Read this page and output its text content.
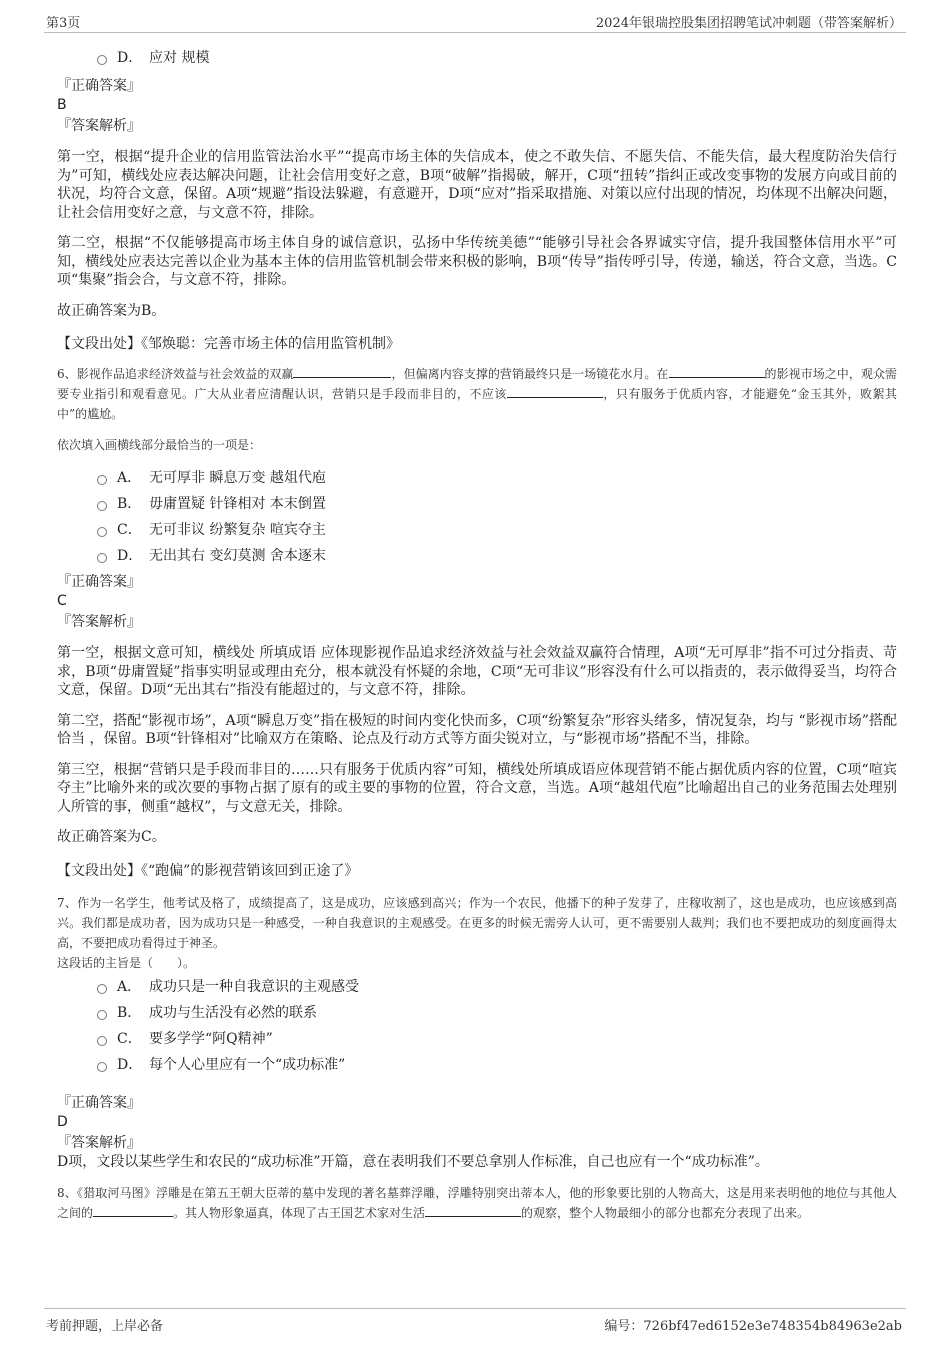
第3页	2024年银瑞控股集团招聘笔试冲刺题（带答案解析）
D． 应对 规模
『正确答案』
B
『答案解析』

第一空，根据“提升企业的信用监管法治水平”“提高市场主体的失信成本，使之不敢失信、不愿失信、不能失信，最大程度防治失信行为”可知，横线处应表达解决问题，让社会信用变好之意，B项“破解”指揭破，解开，C项“扭转”指纠正或改变事物的发展方向或目前的状况，均符合文意，保留。A项“规避”指设法躲避，有意避开，D项“应对”指采取措施、对策以应付出现的情况，均体现不出解决问题，让社会信用变好之意，与文意不符，排除。

第二空，根据“不仅能够提高市场主体自身的诚信意识，弘扬中华传统美德”“能够引导社会各界诚实守信，提升我国整体信用水平”可知，横线处应表达完善以企业为基本主体的信用监管机制会带来积极的影响，B项“传导”指传呼引导，传递，输送，符合文意，当选。C项“集聚”指会合，与文意不符，排除。

故正确答案为B。

【文段出处】《邹焕聪：完善市场主体的信用监管机制》

6、影视作品追求经济效益与社会效益的双赢	，但偏离内容支撑的营销最终只是一场镜花水月。在	的影视市场之中，观众需要专业指引和观看意见。广大从业者应清醒认识，营销只是手段而非目的，不应该	，只有服务于优质内容，才能避免“金玉其外，败絮其中”的尴尬。

依次填入画横线部分最恰当的一项是：
A． 无可厚非 瞬息万变 越俎代庖
B． 毋庸置疑 针锋相对 本末倒置
C． 无可非议 纷繁复杂 喧宾夺主
D． 无出其右 变幻莫测 舍本逐末
『正确答案』
C
『答案解析』

第一空，根据文意可知，横线处 所填成语 应体现影视作品追求经济效益与社会效益双赢符合情理，A项“无可厚非”指不可过分指责、苛求，B项“毋庸置疑”指事实明显或理由充分，根本就没有怀疑的余地，C项“无可非议”形容没有什么可以指责的，表示做得妥当，均符合文意，保留。D项“无出其右”指没有能超过的，与文意不符，排除。

第二空，搭配“影视市场”，A项“瞬息万变”指在极短的时间内变化快而多，C项“纷繁复杂”形容头绪多，情况复杂，均与 “影视市场”搭配恰当 ，保留。B项“针锋相对”比喻双方在策略、论点及行动方式等方面尖锐对立，与“影视市场”搭配不当，排除。

第三空，根据“营销只是手段而非目的……只有服务于优质内容”可知，横线处所填成语应体现营销不能占据优质内容的位置，C项“喧宾夺主”比喻外来的或次要的事物占据了原有的或主要的事物的位置，符合文意，当选。A项“越俎代庖”比喻超出自己的业务范围去处理别人所管的事，侧重“越权”，与文意无关，排除。

故正确答案为C。

【文段出处】《“跑偏”的影视营销该回到正途了》

7、作为一名学生，他考试及格了，成绩提高了，这是成功，应该感到高兴；作为一个农民，他播下的种子发芽了，庄稼收割了，这也是成功，也应该感到高兴。我们都是成功者，因为成功只是一种感受，一种自我意识的主观感受。在更多的时候无需旁人认可，更不需要别人裁判；我们也不要把成功的刻度画得太高，不要把成功看得过于神圣。

这段话的主旨是（　　）。

A． 成功只是一种自我意识的主观感受
B． 成功与生活没有必然的联系
C． 要多学学“阿Q精神”
D． 每个人心里应有一个“成功标准”
『正确答案』
D
『答案解析』

D项，文段以某些学生和农民的“成功标准”开篇，意在表明我们不要总拿别人作标准，自己也应有一个“成功标准”。

8、《猎取河马图》浮雕是在第五王朝大臣蒂的墓中发现的著名墓葬浮雕，浮雕特别突出蒂本人，他的形象要比别的人物高大，这是用来表明他的地位与其他人之间的	。其人物形象逼真，体现了古王国艺术家对生活	的观察，整个人物最细小的部分也都充分表现了出来。

考前押题，上岸必备	编号：726bf47ed6152e3e748354b84963e2ab
